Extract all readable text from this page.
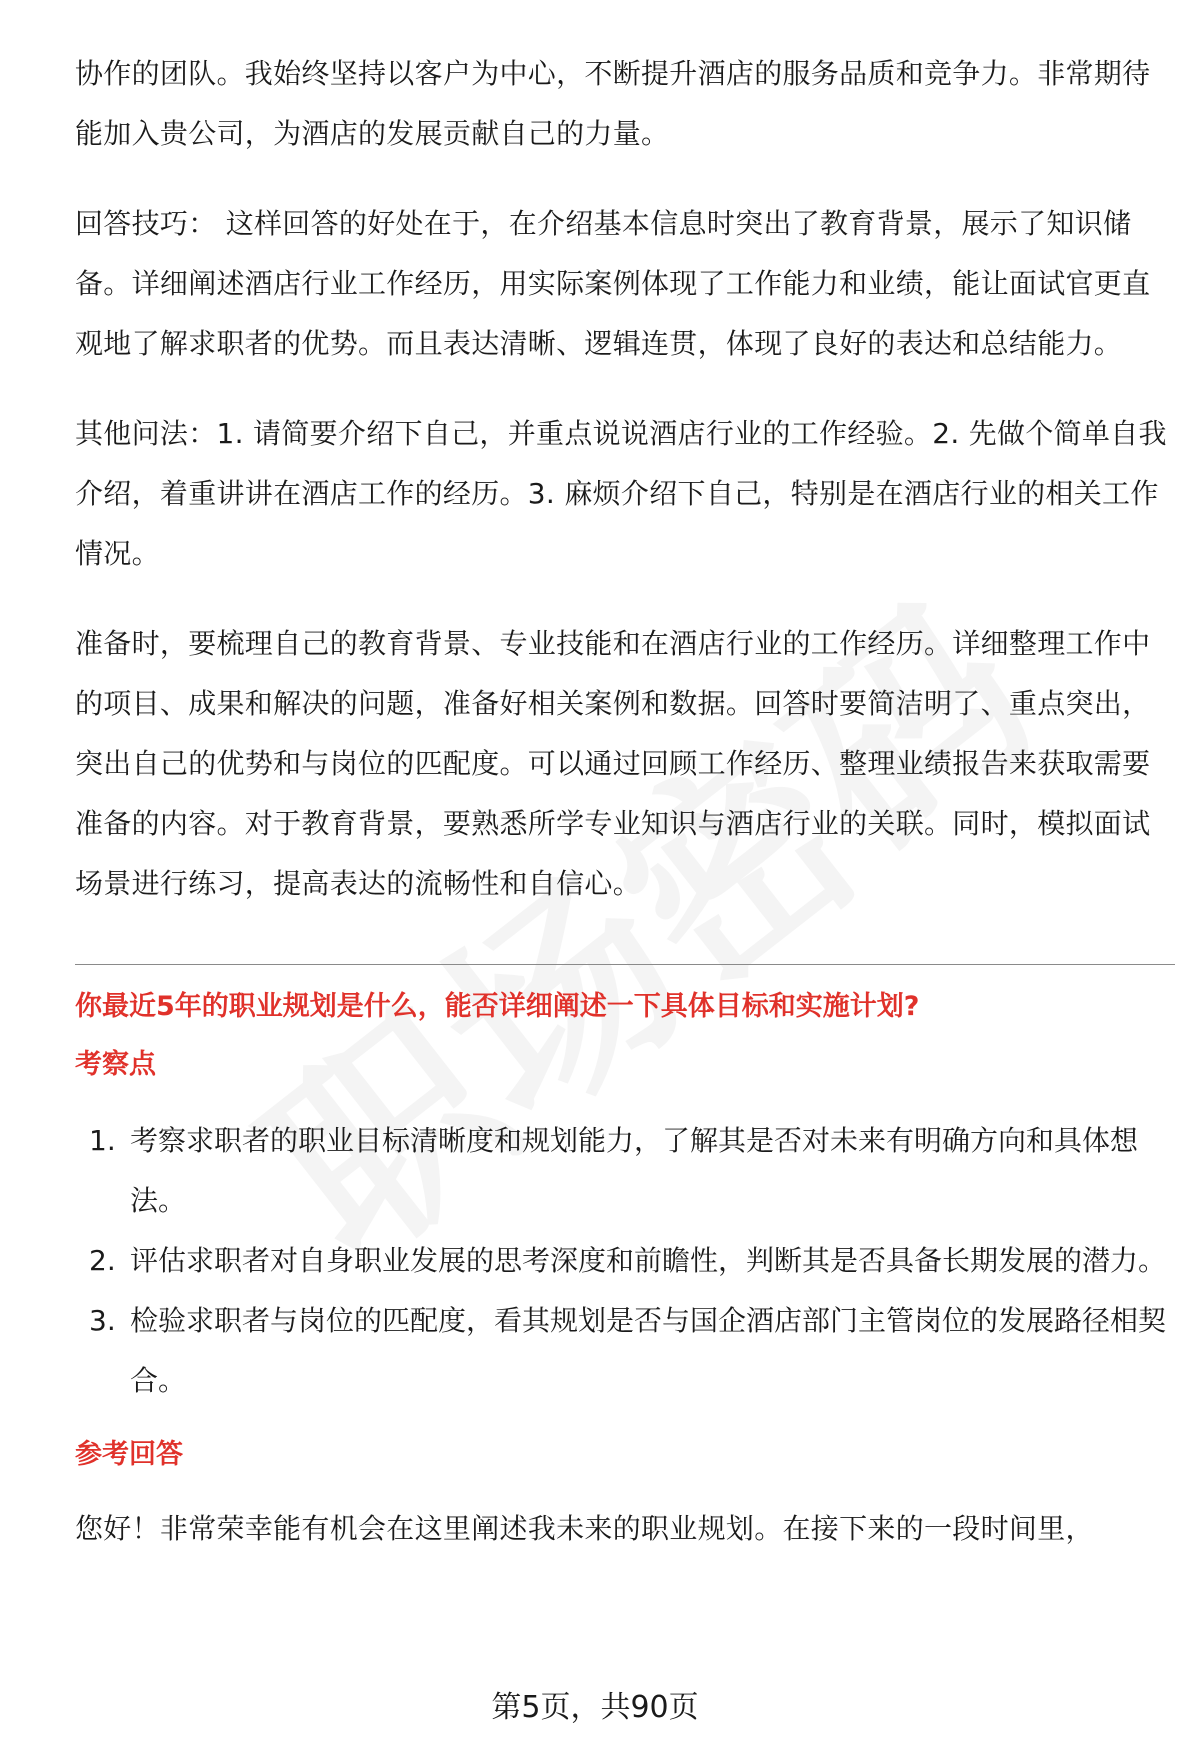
协作的团队。我始终坚持以客户为中心，不断提升酒店的服务品质和竞争力。非常期待能加入贵公司，为酒店的发展贡献自己的力量。

回答技巧： 这样回答的好处在于，在介绍基本信息时突出了教育背景，展示了知识储备。详细阐述酒店行业工作经历，用实际案例体现了工作能力和业绩，能让面试官更直观地了解求职者的优势。而且表达清晰、逻辑连贯，体现了良好的表达和总结能力。

其他问法：1. 请简要介绍下自己，并重点说说酒店行业的工作经验。2. 先做个简单自我介绍，着重讲讲在酒店工作的经历。3. 麻烦介绍下自己，特别是在酒店行业的相关工作情况。

准备时，要梳理自己的教育背景、专业技能和在酒店行业的工作经历。详细整理工作中的项目、成果和解决的问题，准备好相关案例和数据。回答时要简洁明了、重点突出，突出自己的优势和与岗位的匹配度。可以通过回顾工作经历、整理业绩报告来获取需要准备的内容。对于教育背景，要熟悉所学专业知识与酒店行业的关联。同时，模拟面试场景进行练习，提高表达的流畅性和自信心。

你最近5年的职业规划是什么，能否详细阐述一下具体目标和实施计划?
考察点
1. 考察求职者的职业目标清晰度和规划能力，了解其是否对未来有明确方向和具体想法。
2. 评估求职者对自身职业发展的思考深度和前瞻性，判断其是否具备长期发展的潜力。
3. 检验求职者与岗位的匹配度，看其规划是否与国企酒店部门主管岗位的发展路径相契合。
参考回答

您好！非常荣幸能有机会在这里阐述我未来的职业规划。在接下来的一段时间里，

第5页，共90页
